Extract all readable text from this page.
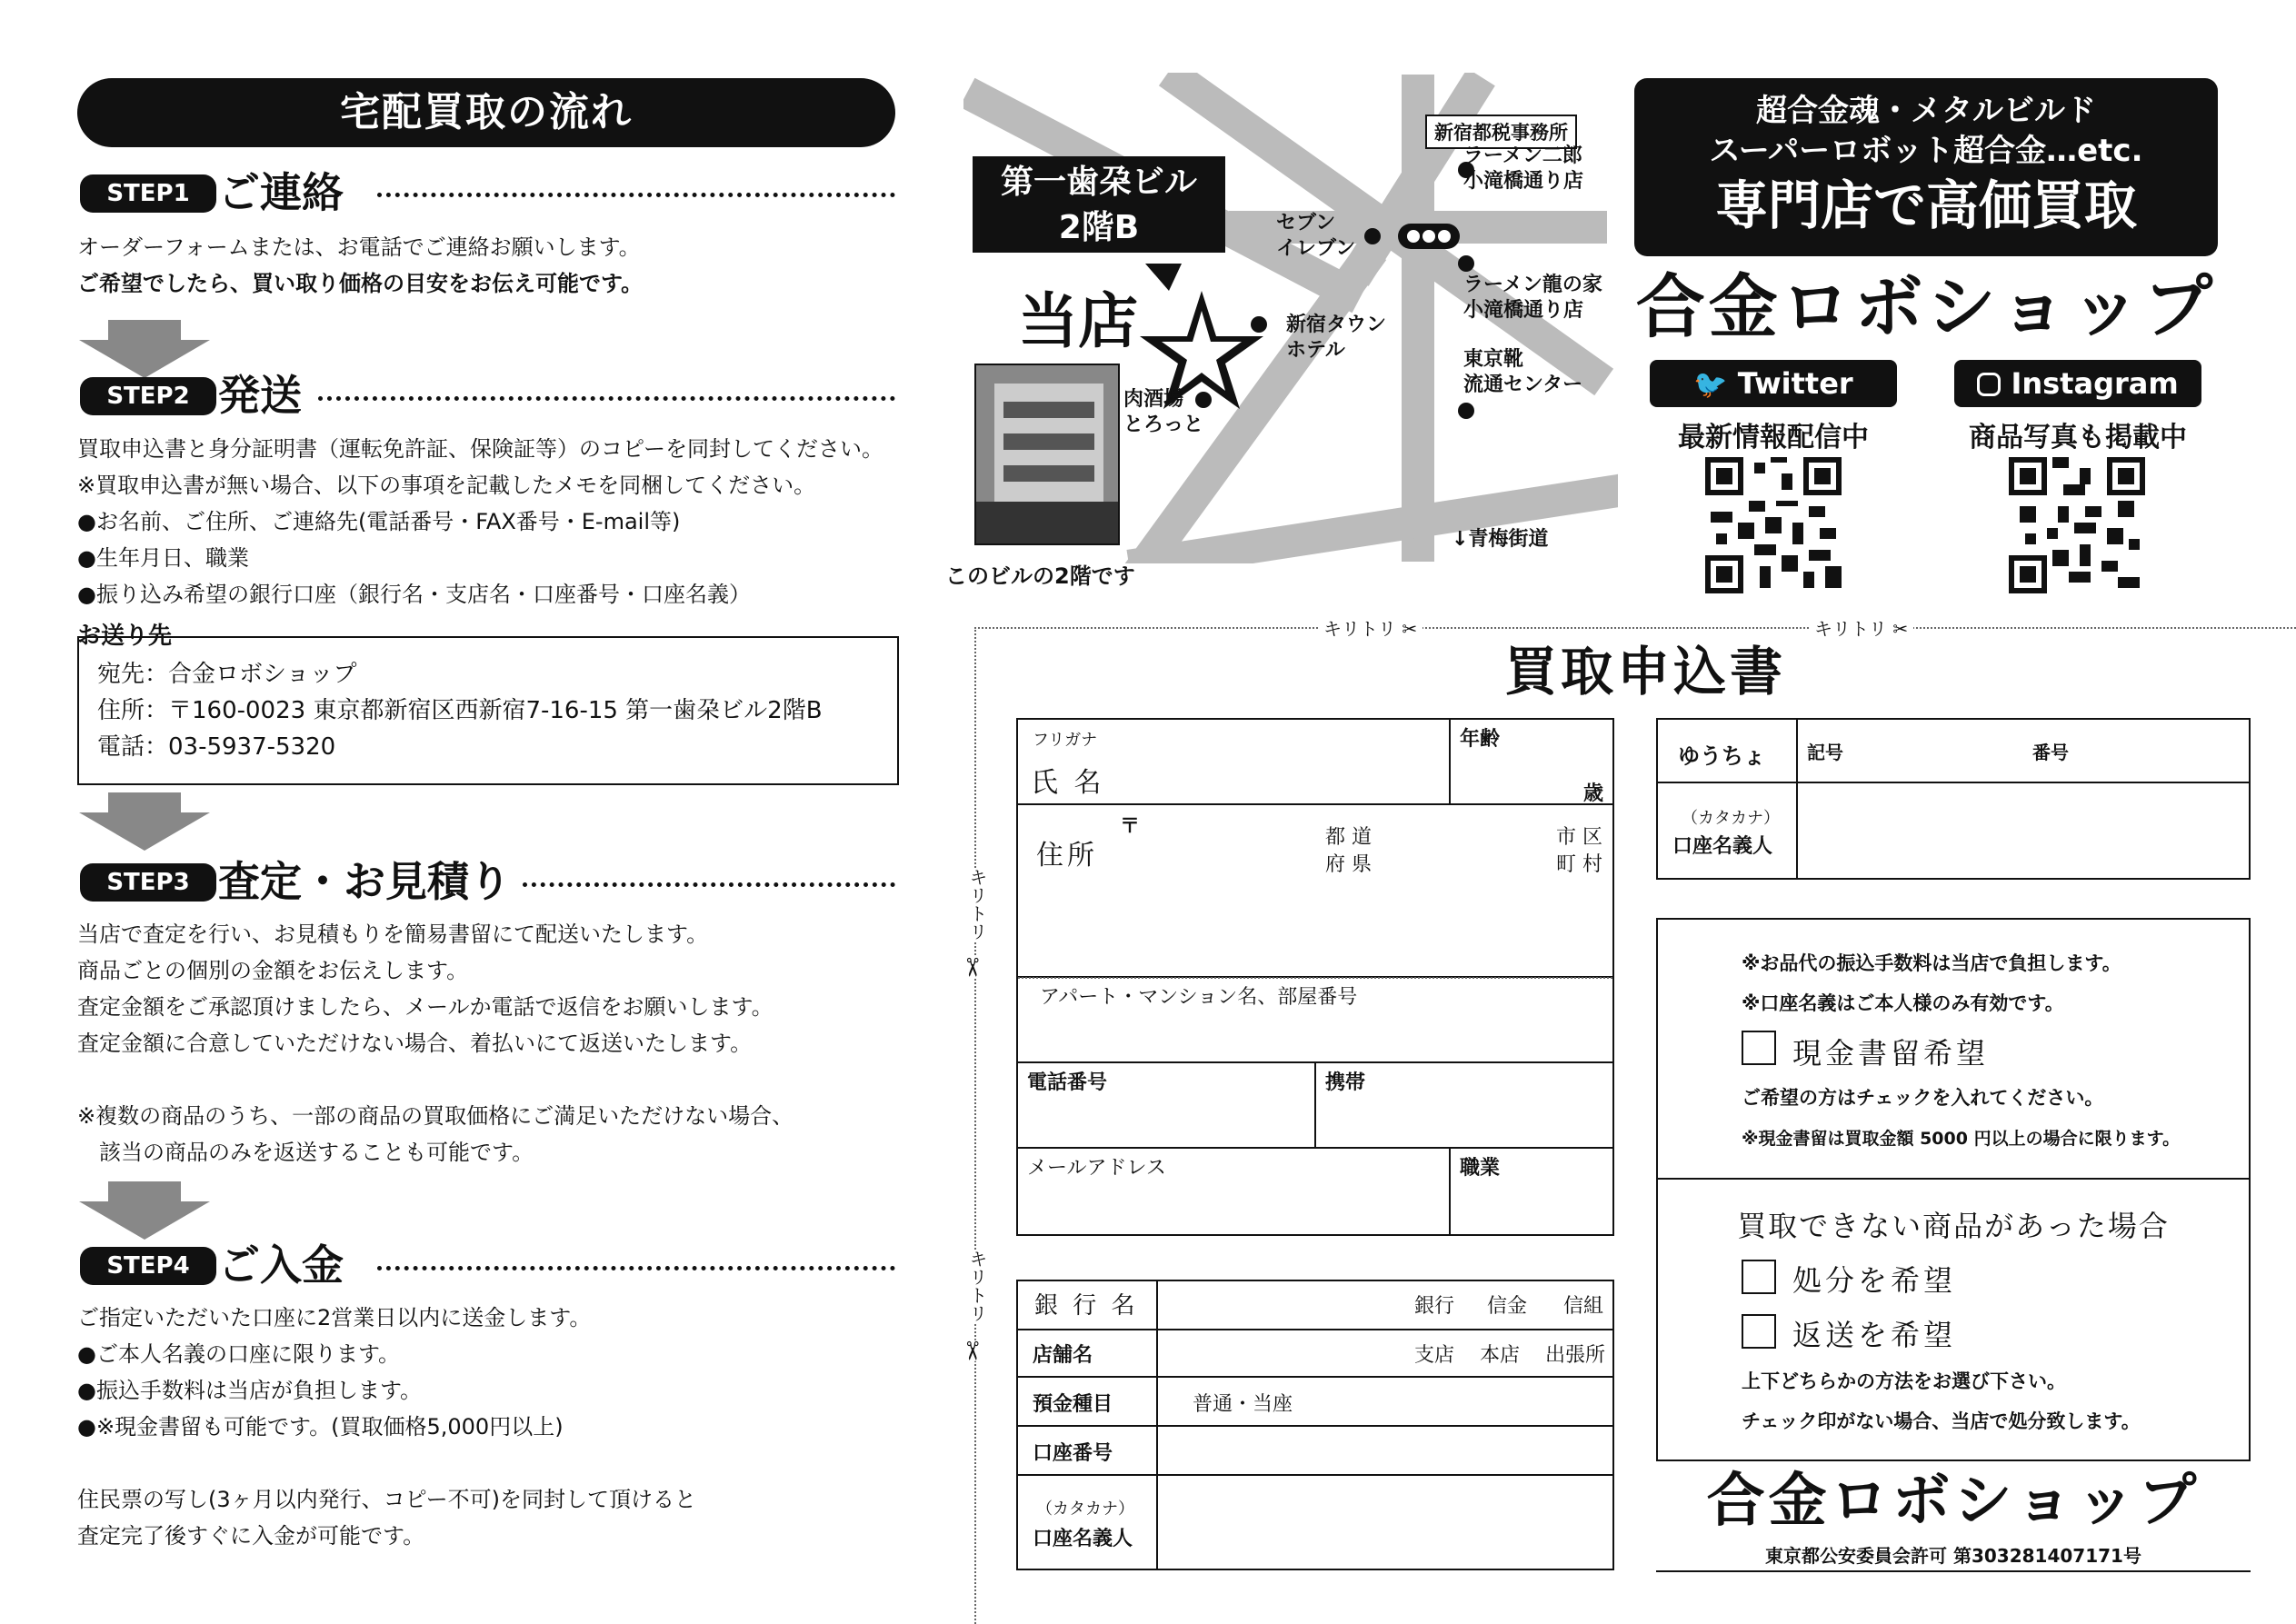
宅配買取の流れ
STEP1 ご連絡
オーダーフォームまたは、お電話でご連絡お願いします。
ご希望でしたら、買い取り価格の目安をお伝え可能です。
STEP2 発送
買取申込書と身分証明書（運転免許証、保険証等）のコピーを同封してください。
※買取申込書が無い場合、以下の事項を記載したメモを同梱してください。
●お名前、ご住所、ご連絡先(電話番号・FAX番号・E-mail等)
●生年月日、職業
●振り込み希望の銀行口座（銀行名・支店名・口座番号・口座名義）
お送り先
宛先：合金ロボショップ
住所：〒160-0023 東京都新宿区西新宿7-16-15 第一歯朶ビル2階B
電話：03-5937-5320
STEP3 査定・お見積り
当店で査定を行い、お見積もりを簡易書留にて配送いたします。
商品ごとの個別の金額をお伝えします。
査定金額をご承認頂けましたら、メールか電話で返信をお願いします。
査定金額に合意していただけない場合、着払いにて返送いたします。
※複数の商品のうち、一部の商品の買取価格にご満足いただけない場合、
　該当の商品のみを返送することも可能です。
STEP4 ご入金
ご指定いただいた口座に2営業日以内に送金します。
●ご本人名義の口座に限ります。
●振込手数料は当店が負担します。
●※現金書留も可能です。(買取価格5,000円以上)
住民票の写し(3ヶ月以内発行、コピー不可)を同封して頂けると
査定完了後すぐに入金が可能です。
第一歯朶ビル
2階B
当店
このビルの2階です
新宿都税事務所
ラーメン二郎
小滝橋通り店
セブン
イレブン
ラーメン龍の家
小滝橋通り店
新宿タウン
ホテル	東京靴
流通センター
肉酒場
とろっと
↓青梅街道
超合金魂・メタルビルド
スーパーロボット超合金…etc.
専門店で高価買取
合金ロボショップ
🐦 Twitter	Instagram
最新情報配信中	商品写真も掲載中
キリトリ ✂	キリトリ ✂
キリトリ
✂
キリトリ
✂
買取申込書
フリガナ
氏 名
年齢
歳
〒
住所
都 道
府 県
市 区
町 村
アパート・マンション名、部屋番号
電話番号	携帯
メールアドレス	職業
銀 行 名	銀行 信金 信組
店舗名	支店 本店 出張所
預金種目	普通・当座
口座番号
（カタカナ）
口座名義人
ゆうちょ 記号	番号
（カタカナ）
口座名義人
※お品代の振込手数料は当店で負担します。
※口座名義はご本人様のみ有効です。
現金書留希望
ご希望の方はチェックを入れてください。
※現金書留は買取金額 5000 円以上の場合に限ります。
買取できない商品があった場合
処分を希望
返送を希望
上下どちらかの方法をお選び下さい。
チェック印がない場合、当店で処分致します。
合金ロボショップ
東京都公安委員会許可 第303281407171号
